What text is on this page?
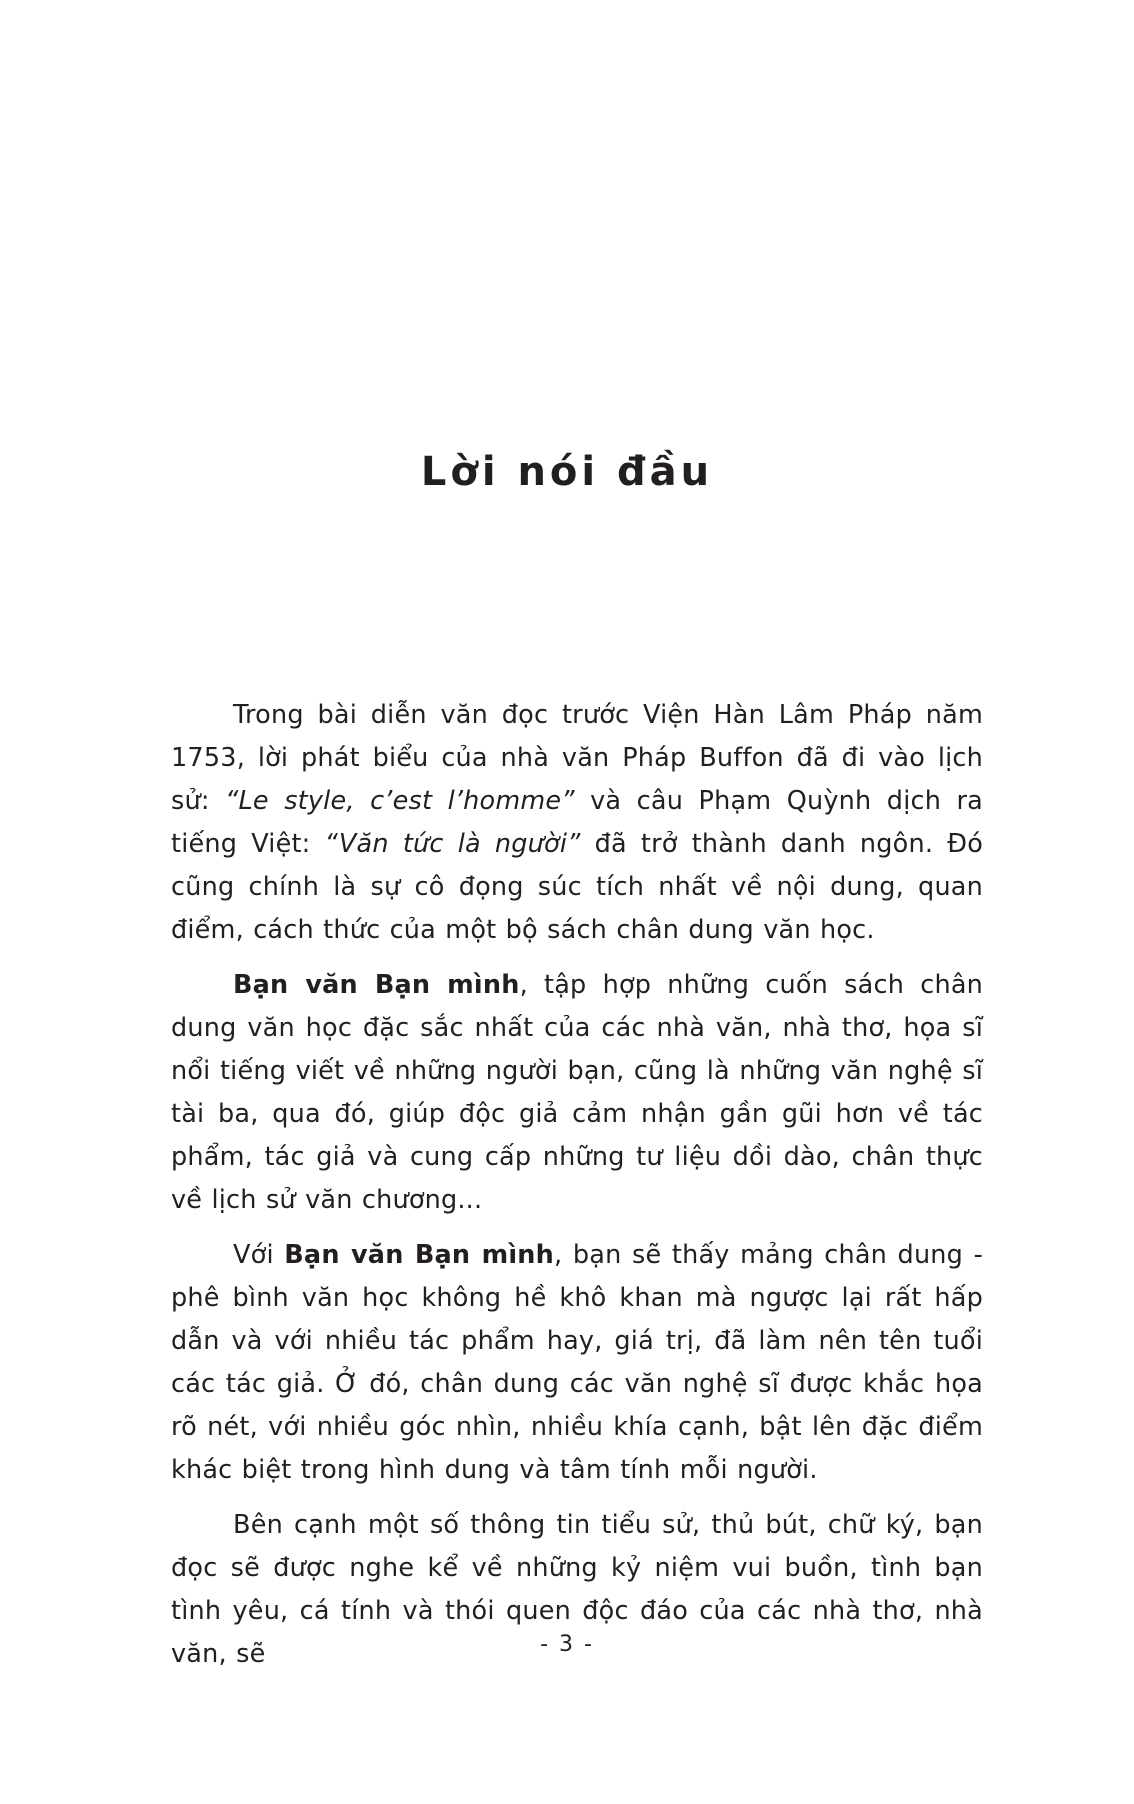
Lời nói đầu

Trong bài diễn văn đọc trước Viện Hàn Lâm Pháp năm 1753, lời phát biểu của nhà văn Pháp Buffon đã đi vào lịch sử: “Le style, c’est l’homme” và câu Phạm Quỳnh dịch ra tiếng Việt: “Văn tức là người” đã trở thành danh ngôn. Đó cũng chính là sự cô đọng súc tích nhất về nội dung, quan điểm, cách thức của một bộ sách chân dung văn học.

Bạn văn Bạn mình, tập hợp những cuốn sách chân dung văn học đặc sắc nhất của các nhà văn, nhà thơ, họa sĩ nổi tiếng viết về những người bạn, cũng là những văn nghệ sĩ tài ba, qua đó, giúp độc giả cảm nhận gần gũi hơn về tác phẩm, tác giả và cung cấp những tư liệu dồi dào, chân thực về lịch sử văn chương...

Với Bạn văn Bạn mình, bạn sẽ thấy mảng chân dung - phê bình văn học không hề khô khan mà ngược lại rất hấp dẫn và với nhiều tác phẩm hay, giá trị, đã làm nên tên tuổi các tác giả. Ở đó, chân dung các văn nghệ sĩ được khắc họa rõ nét, với nhiều góc nhìn, nhiều khía cạnh, bật lên đặc điểm khác biệt trong hình dung và tâm tính mỗi người.

Bên cạnh một số thông tin tiểu sử, thủ bút, chữ ký, bạn đọc sẽ được nghe kể về những kỷ niệm vui buồn, tình bạn tình yêu, cá tính và thói quen độc đáo của các nhà thơ, nhà văn, sẽ	- 3 -
